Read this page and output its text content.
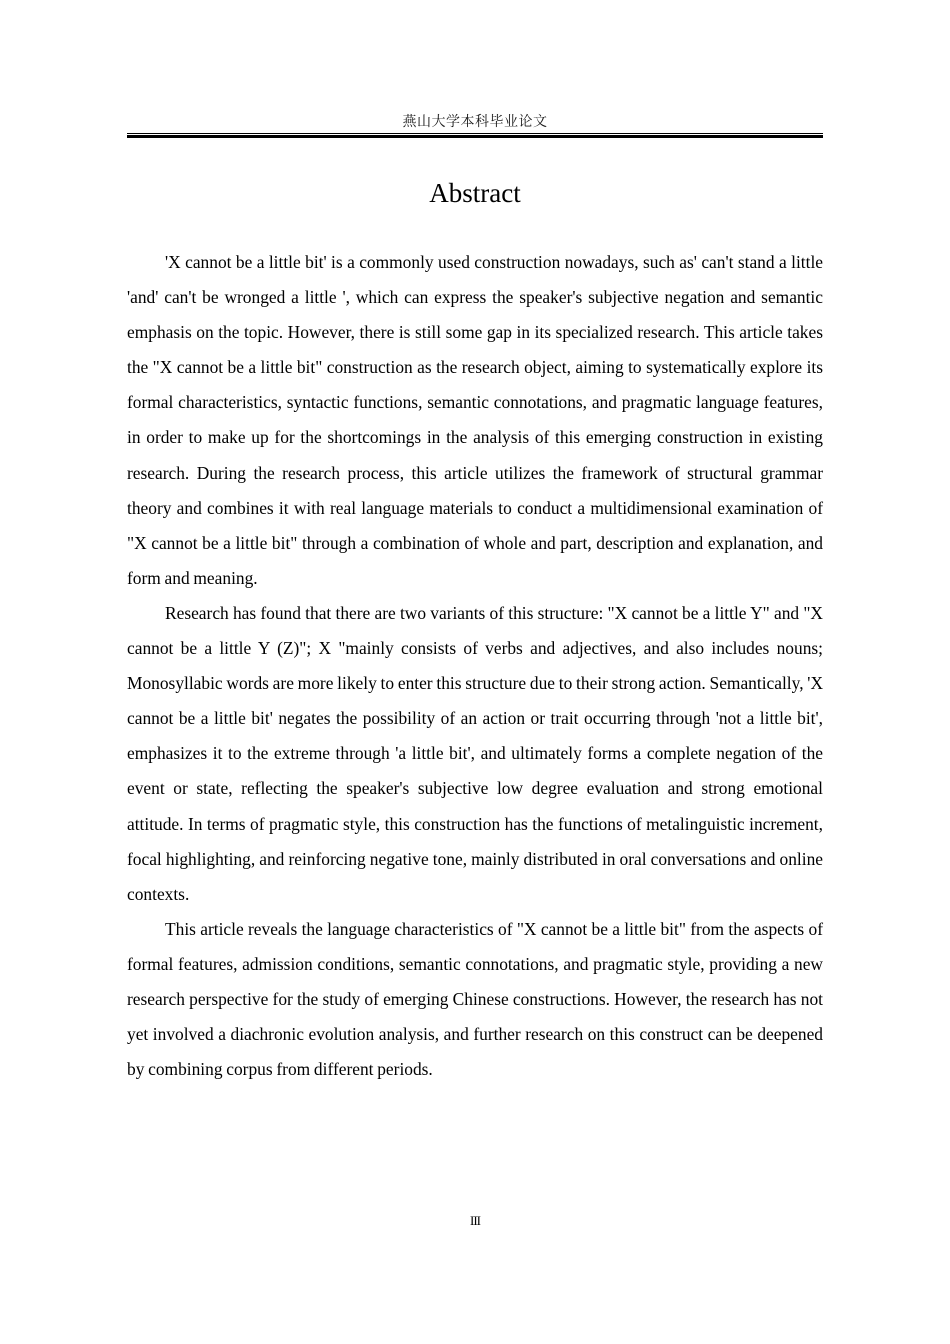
燕山大学本科毕业论文
Abstract

'X cannot be a little bit' is a commonly used construction nowadays, such as' can't stand a little 'and' can't be wronged a little ', which can express the speaker's subjective negation and semantic emphasis on the topic. However, there is still some gap in its specialized research. This article takes the "X cannot be a little bit" construction as the research object, aiming to systematically explore its formal characteristics, syntactic functions, semantic connotations, and pragmatic language features, in order to make up for the shortcomings in the analysis of this emerging construction in existing research. During the research process, this article utilizes the framework of structural grammar theory and combines it with real language materials to conduct a multidimensional examination of "X cannot be a little bit" through a combination of whole and part, description and explanation, and form and meaning.

Research has found that there are two variants of this structure: "X cannot be a little Y" and "X cannot be a little Y (Z)"; X "mainly consists of verbs and adjectives, and also includes nouns; Monosyllabic words are more likely to enter this structure due to their strong action. Semantically, 'X cannot be a little bit' negates the possibility of an action or trait occurring through 'not a little bit', emphasizes it to the extreme through 'a little bit', and ultimately forms a complete negation of the event or state, reflecting the speaker's subjective low degree evaluation and strong emotional attitude. In terms of pragmatic style, this construction has the functions of metalinguistic increment, focal highlighting, and reinforcing negative tone, mainly distributed in oral conversations and online contexts.

This article reveals the language characteristics of "X cannot be a little bit" from the aspects of formal features, admission conditions, semantic connotations, and pragmatic style, providing a new research perspective for the study of emerging Chinese constructions. However, the research has not yet involved a diachronic evolution analysis, and further research on this construct can be deepened by combining corpus from different periods.

III
